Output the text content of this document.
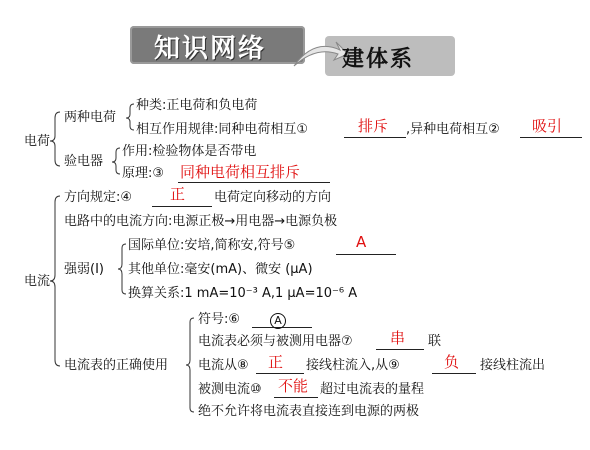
知识网络	建体系
电荷
两种电荷
种类:正电荷和负电荷
相互作用规律:同种电荷相互①	排斥 ,异种电荷相互② 吸引
验电器
作用:检验物体是否带电
原理:③ 同种电荷相互排斥
电流
方向规定:④	正 电荷定向移动的方向
电路中的电流方向:电源正极→用电器→电源负极
强弱(I)
国际单位:安培,简称安,符号⑤	A
其他单位:毫安(mA)、微安 (μA)
换算关系:1 mA=10⁻³ A,1 μA=10⁻⁶ A
电流表的正确使用
符号:⑥	A
电流表必须与被测用电器⑦ 串 联
电流从⑧ 正 接线柱流入,从⑨	负 接线柱流出
被测电流⑩ 不能 超过电流表的量程
绝不允许将电流表直接连到电源的两极
